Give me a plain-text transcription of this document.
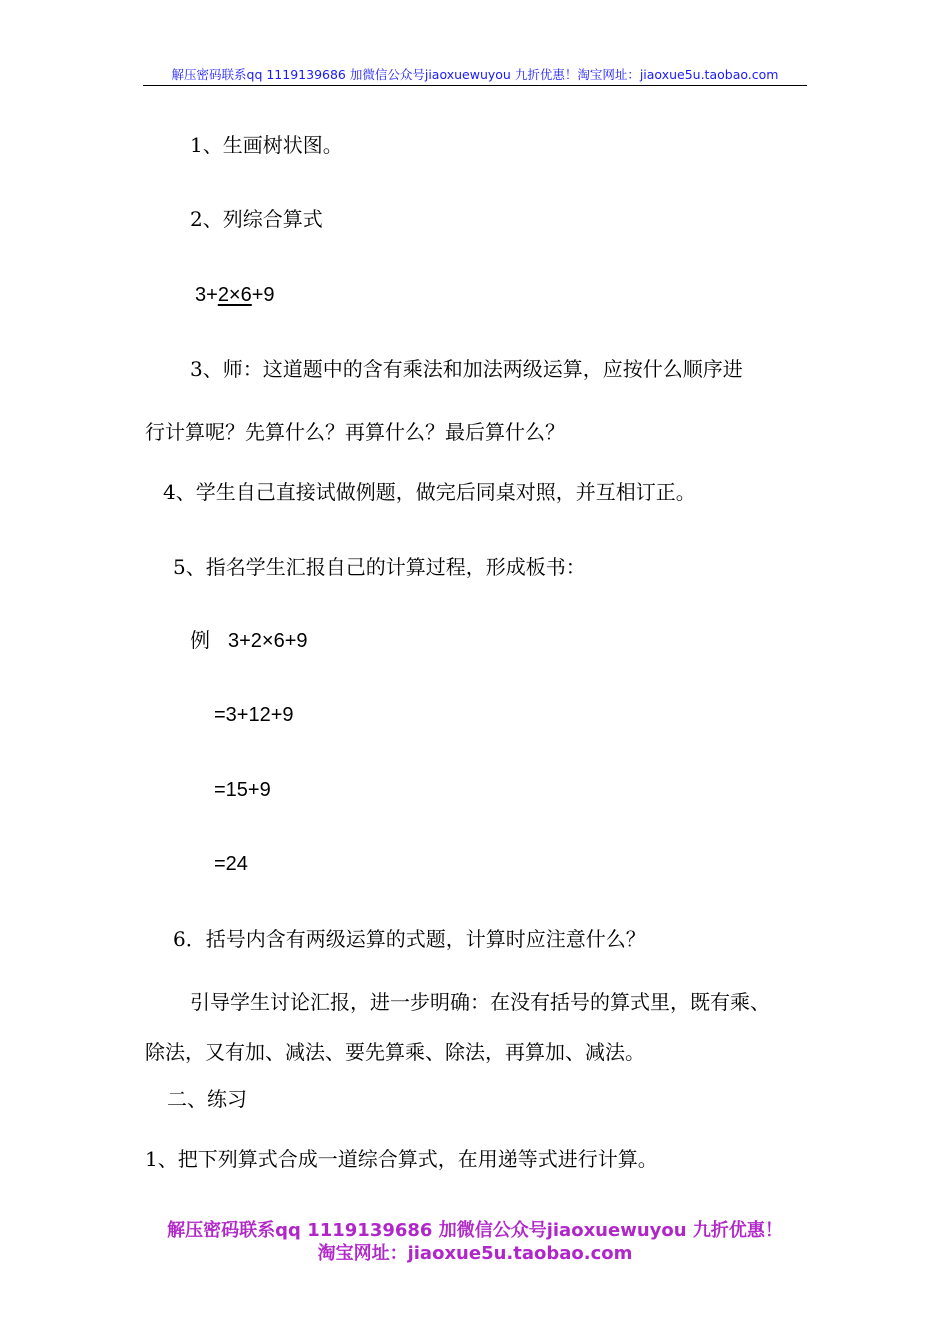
解压密码联系qq 1119139686 加微信公众号jiaoxuewuyou 九折优惠！淘宝网址：jiaoxue5u.taobao.com
1、生画树状图。
2、列综合算式
3+2×6+9
3、师：这道题中的含有乘法和加法两级运算，应按什么顺序进
行计算呢？先算什么？再算什么？最后算什么？
4、学生自己直接试做例题，做完后同桌对照，并互相订正。
5、指名学生汇报自己的计算过程，形成板书：
例 3+2×6+9
=3+12+9
=15+9
=24
6．括号内含有两级运算的式题，计算时应注意什么？
引导学生讨论汇报，进一步明确：在没有括号的算式里，既有乘、
除法，又有加、减法、要先算乘、除法，再算加、减法。
二、练习
1、把下列算式合成一道综合算式，在用递等式进行计算。
解压密码联系qq 1119139686 加微信公众号jiaoxuewuyou 九折优惠！
淘宝网址：jiaoxue5u.taobao.com
